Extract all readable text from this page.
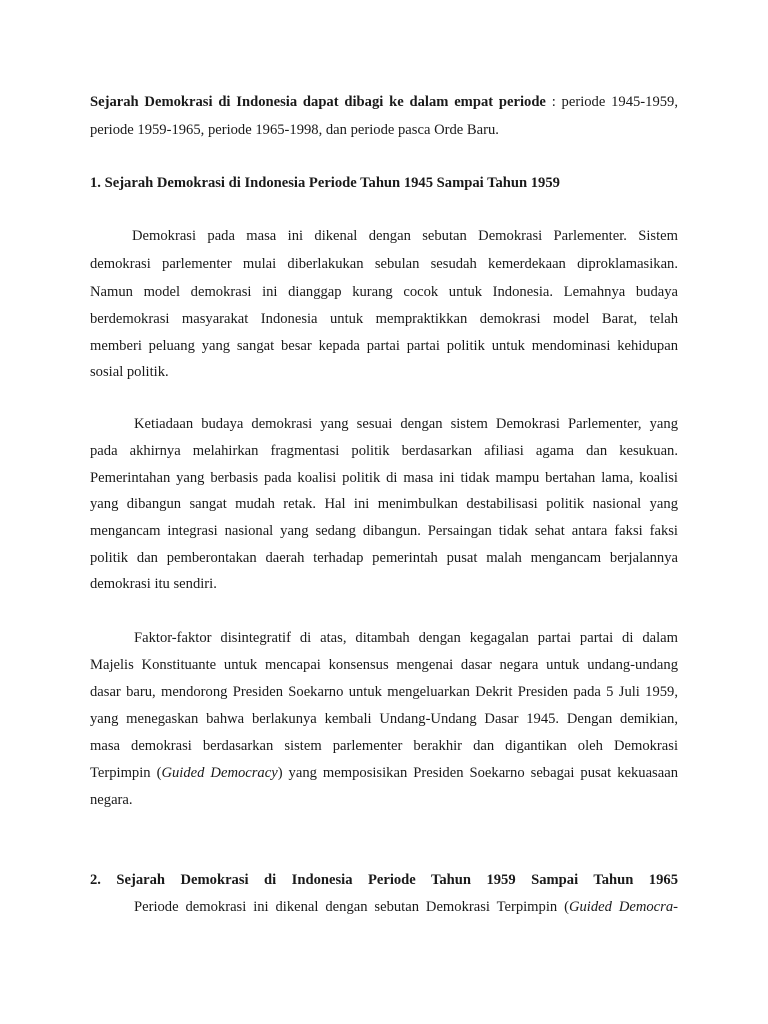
Sejarah Demokrasi di Indonesia dapat dibagi ke dalam empat periode : periode 1945-1959,
periode 1959-1965, periode 1965-1998, dan periode pasca Orde Baru.
1. Sejarah Demokrasi di Indonesia Periode Tahun 1945 Sampai Tahun 1959
Demokrasi pada masa ini dikenal dengan sebutan Demokrasi Parlementer. Sistem
demokrasi parlementer mulai diberlakukan sebulan sesudah kemerdekaan diproklamasikan.
Namun model demokrasi ini dianggap kurang cocok untuk Indonesia. Lemahnya budaya
berdemokrasi masyarakat Indonesia untuk mempraktikkan demokrasi model Barat, telah
memberi peluang yang sangat besar kepada partai partai politik untuk mendominasi kehidupan
sosial politik.
Ketiadaan budaya demokrasi yang sesuai dengan sistem Demokrasi Parlementer, yang
pada akhirnya melahirkan fragmentasi politik berdasarkan afiliasi agama dan kesukuan.
Pemerintahan yang berbasis pada koalisi politik di masa ini tidak mampu bertahan lama, koalisi
yang dibangun sangat mudah retak. Hal ini menimbulkan destabilisasi politik nasional yang
mengancam integrasi nasional yang sedang dibangun. Persaingan tidak sehat antara faksi faksi
politik dan pemberontakan daerah terhadap pemerintah pusat malah mengancam berjalannya
demokrasi itu sendiri.
Faktor-faktor disintegratif di atas, ditambah dengan kegagalan partai partai di dalam
Majelis Konstituante untuk mencapai konsensus mengenai dasar negara untuk undang-undang
dasar baru, mendorong Presiden Soekarno untuk mengeluarkan Dekrit Presiden pada 5 Juli 1959,
yang menegaskan bahwa berlakunya kembali Undang-Undang Dasar 1945. Dengan demikian,
masa demokrasi berdasarkan sistem parlementer berakhir dan digantikan oleh Demokrasi
Terpimpin (Guided Democracy) yang memposisikan Presiden Soekarno sebagai pusat kekuasaan
negara.
2. Sejarah Demokrasi di Indonesia Periode Tahun 1959 Sampai Tahun 1965
Periode demokrasi ini dikenal dengan sebutan Demokrasi Terpimpin (Guided Democra-
